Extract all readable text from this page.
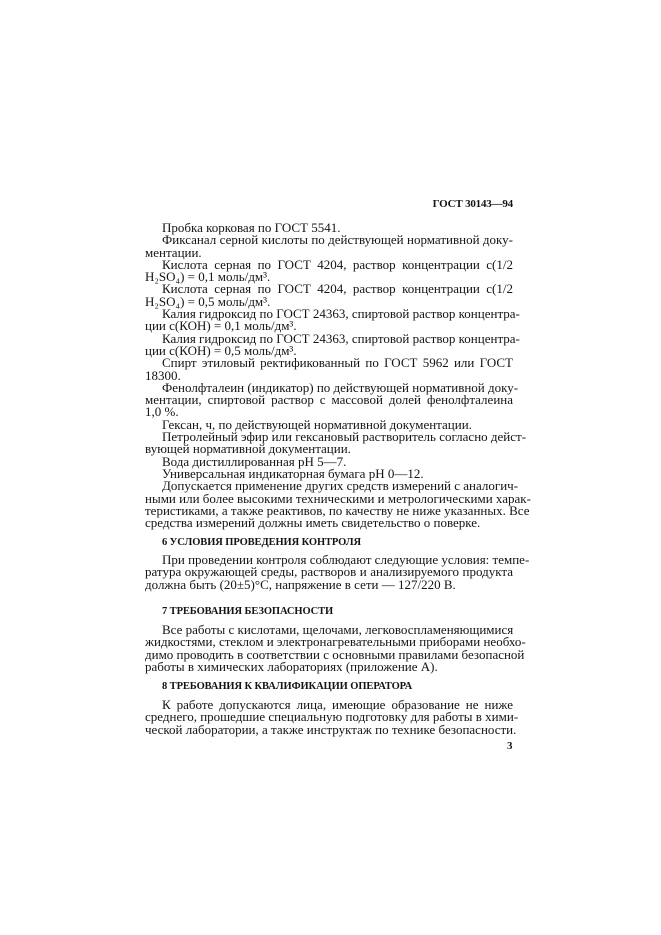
ГОСТ 30143—94
Пробка корковая по ГОСТ 5541.
Фиксанал серной кислоты по действующей нормативной доку-
ментации.
Кислота серная по ГОСТ 4204, раствор концентрации с(1/2
H₂SO₄) = 0,1 моль/дм³.
Кислота серная по ГОСТ 4204, раствор концентрации с(1/2
H₂SO₄) = 0,5 моль/дм³.
Калия гидроксид по ГОСТ 24363, спиртовой раствор концентра-
ции с(КОН) = 0,1 моль/дм³.
Калия гидроксид по ГОСТ 24363, спиртовой раствор концентра-
ции с(КОН) = 0,5 моль/дм³.
Спирт этиловый ректификованный по ГОСТ 5962 или ГОСТ
18300.
Фенолфталеин (индикатор) по действующей нормативной доку-
ментации, спиртовой раствор с массовой долей фенолфталеина
1,0 %.
Гексан, ч, по действующей нормативной документации.
Петролейный эфир или гексановый растворитель согласно дейст-
вующей нормативной документации.
Вода дистиллированная рН 5—7.
Универсальная индикаторная бумага рН 0—12.
Допускается применение других средств измерений с аналогич-
ными или более высокими техническими и метрологическими харак-
теристиками, а также реактивов, по качеству не ниже указанных. Все
средства измерений должны иметь свидетельство о поверке.
6 УСЛОВИЯ ПРОВЕДЕНИЯ КОНТРОЛЯ
При проведении контроля соблюдают следующие условия: темпе-
ратура окружающей среды, растворов и анализируемого продукта
должна быть (20±5)°С, напряжение в сети — 127/220 В.
7 ТРЕБОВАНИЯ БЕЗОПАСНОСТИ
Все работы с кислотами, щелочами, легковоспламеняющимися
жидкостями, стеклом и электронагревательными приборами необхо-
димо проводить в соответствии с основными правилами безопасной
работы в химических лабораториях (приложение А).
8 ТРЕБОВАНИЯ К КВАЛИФИКАЦИИ ОПЕРАТОРА
К работе допускаются лица, имеющие образование не ниже
среднего, прошедшие специальную подготовку для работы в хими-
ческой лаборатории, а также инструктаж по технике безопасности.
3
